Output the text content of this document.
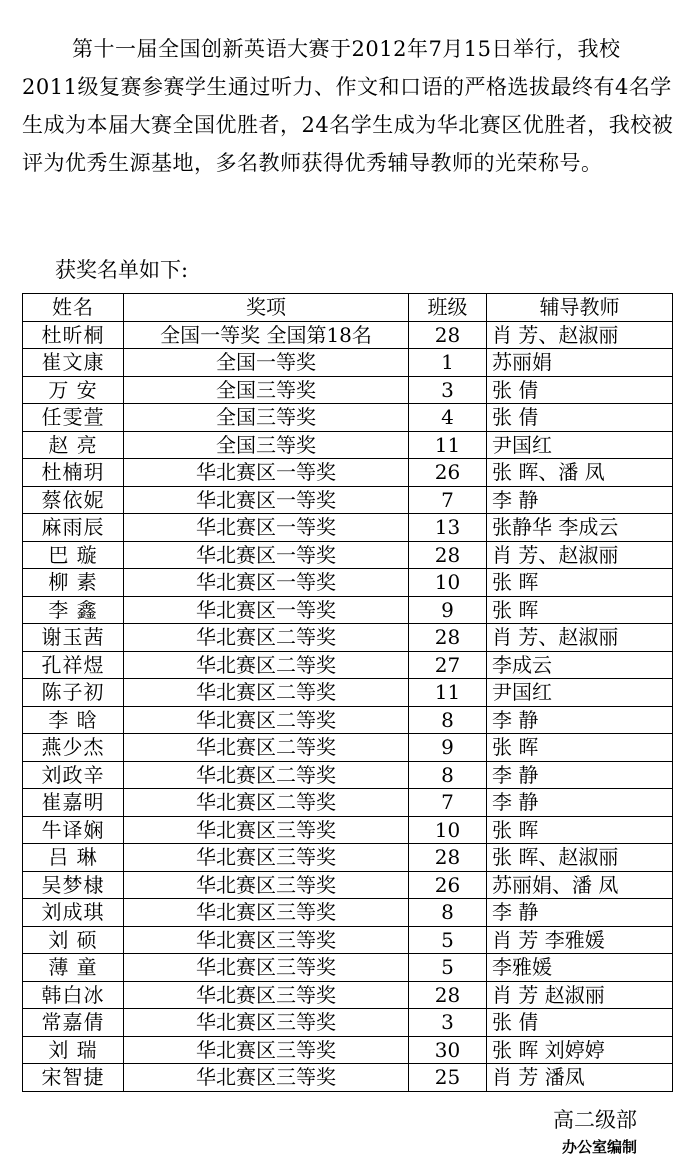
第十一届全国创新英语大赛于2012年7月15日举行，我校2011级复赛参赛学生通过听力、作文和口语的严格选拔最终有4名学生成为本届大赛全国优胜者，24名学生成为华北赛区优胜者，我校被评为优秀生源基地，多名教师获得优秀辅导教师的光荣称号。

获奖名单如下:

姓名	奖项	班级	辅导教师
杜昕桐	全国一等奖 全国第18名	28	肖 芳、赵淑丽
崔文康	全国一等奖	1	苏丽娟
万 安	全国三等奖	3	张 倩
任雯萱	全国三等奖	4	张 倩
赵 亮	全国三等奖	11	尹国红
杜楠玥	华北赛区一等奖	26	张 晖、潘 凤
蔡依妮	华北赛区一等奖	7	李 静
麻雨辰	华北赛区一等奖	13	张静华 李成云
巴 璇	华北赛区一等奖	28	肖 芳、赵淑丽
柳 素	华北赛区一等奖	10	张 晖
李 鑫	华北赛区一等奖	9	张 晖
谢玉茜	华北赛区二等奖	28	肖 芳、赵淑丽
孔祥煜	华北赛区二等奖	27	李成云
陈子初	华北赛区二等奖	11	尹国红
李 晗	华北赛区二等奖	8	李 静
燕少杰	华北赛区二等奖	9	张 晖
刘政辛	华北赛区二等奖	8	李 静
崔嘉明	华北赛区二等奖	7	李 静
牛译娴	华北赛区三等奖	10	张 晖
吕 琳	华北赛区三等奖	28	张 晖、赵淑丽
吴梦棣	华北赛区三等奖	26	苏丽娟、潘 凤
刘成琪	华北赛区三等奖	8	李 静
刘 硕	华北赛区三等奖	5	肖 芳 李雅媛
薄 童	华北赛区三等奖	5	李雅媛
韩白冰	华北赛区三等奖	28	肖 芳 赵淑丽
常嘉倩	华北赛区三等奖	3	张 倩
刘 瑞	华北赛区三等奖	30	张 晖 刘婷婷
宋智捷	华北赛区三等奖	25	肖 芳 潘凤

高二级部

办公室编制
